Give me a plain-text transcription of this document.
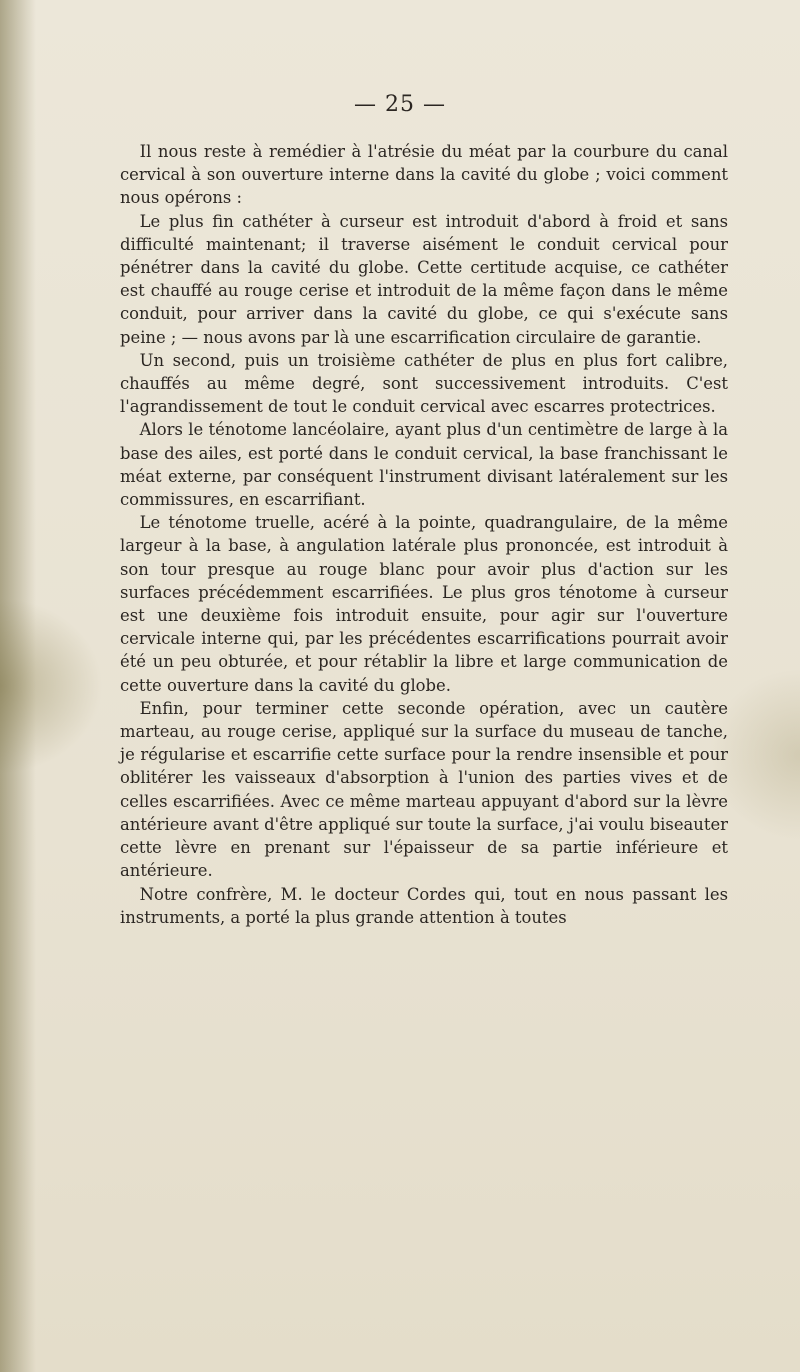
— 25 —

Il nous reste à remédier à l'atrésie du méat par la courbure du canal cervical à son ouverture interne dans la cavité du globe ; voici comment nous opérons :

Le plus fin cathéter à curseur est introduit d'abord à froid et sans difficulté maintenant; il traverse aisément le conduit cervical pour pénétrer dans la cavité du globe. Cette certitude acquise, ce cathéter est chauffé au rouge cerise et introduit de la même façon dans le même conduit, pour arriver dans la cavité du globe, ce qui s'exécute sans peine ; — nous avons par là une escarrification circulaire de garantie.

Un second, puis un troisième cathéter de plus en plus fort calibre, chauffés au même degré, sont successivement introduits. C'est l'agrandissement de tout le conduit cervical avec escarres protectrices.

Alors le ténotome lancéolaire, ayant plus d'un centimètre de large à la base des ailes, est porté dans le conduit cervical, la base franchissant le méat externe, par conséquent l'instrument divisant latéralement sur les commissures, en escarrifiant.

Le ténotome truelle, acéré à la pointe, quadrangulaire, de la même largeur à la base, à angulation latérale plus prononcée, est introduit à son tour presque au rouge blanc pour avoir plus d'action sur les surfaces précédemment escarrifiées. Le plus gros ténotome à curseur est une deuxième fois introduit ensuite, pour agir sur l'ouverture cervicale interne qui, par les précédentes escarrifications pourrait avoir été un peu obturée, et pour rétablir la libre et large communication de cette ouverture dans la cavité du globe.

Enfin, pour terminer cette seconde opération, avec un cautère marteau, au rouge cerise, appliqué sur la surface du museau de tanche, je régularise et escarrifie cette surface pour la rendre insensible et pour oblitérer les vaisseaux d'absorption à l'union des parties vives et de celles escarrifiées. Avec ce même marteau appuyant d'abord sur la lèvre antérieure avant d'être appliqué sur toute la surface, j'ai voulu biseauter cette lèvre en prenant sur l'épaisseur de sa partie inférieure et antérieure.

Notre confrère, M. le docteur Cordes qui, tout en nous passant les instruments, a porté la plus grande attention à toutes
